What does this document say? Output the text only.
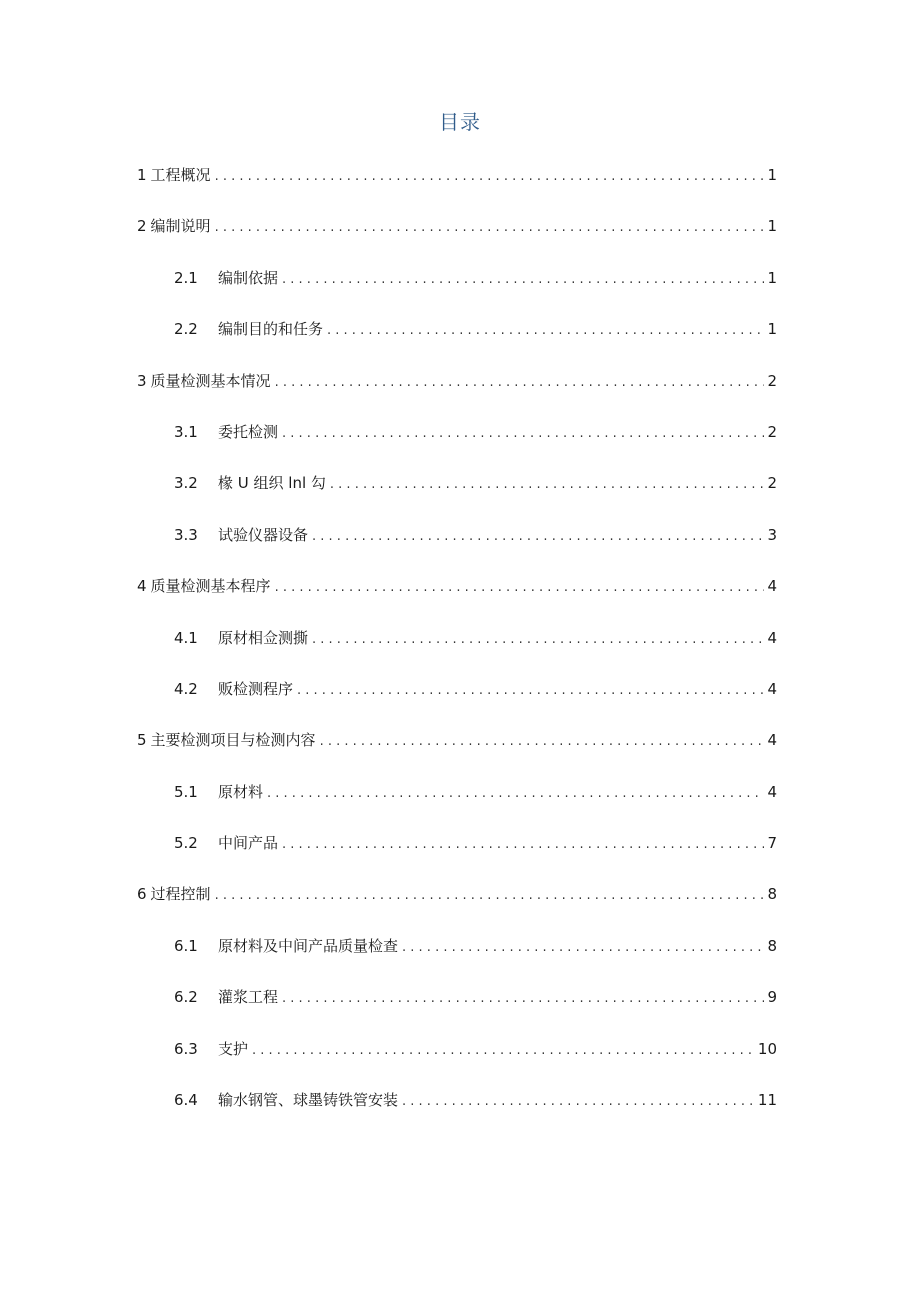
目录
1 工程概况 . . .	1
2 编制说明 . . .	1
2.1	编制依据 . . .	1
2.2	编制目的和任务 . . .	1
3 质量检测基本情况 . . .	2
3.1	委托检测 . . .	2
3.2	椽 U 组织 lnl 勾 . . .	2
3.3	试验仪器设备 . . .	3
4 质量检测基本程序 . . .	4
4.1	原材相佥测撕 . . .	4
4.2	贩检测程序 . . .	4
5 主要检测项目与检测内容 . . .	4
5.1	原材料 . . .	4
5.2	中间产品 . . .	7
6 过程控制 . . .	8
6.1	原材料及中间产品质量检查 . . .	8
6.2	灌浆工程 . . .	9
6.3	支护 . . .	10
6.4	输水钢管、球墨铸铁管安装 . . .	11
